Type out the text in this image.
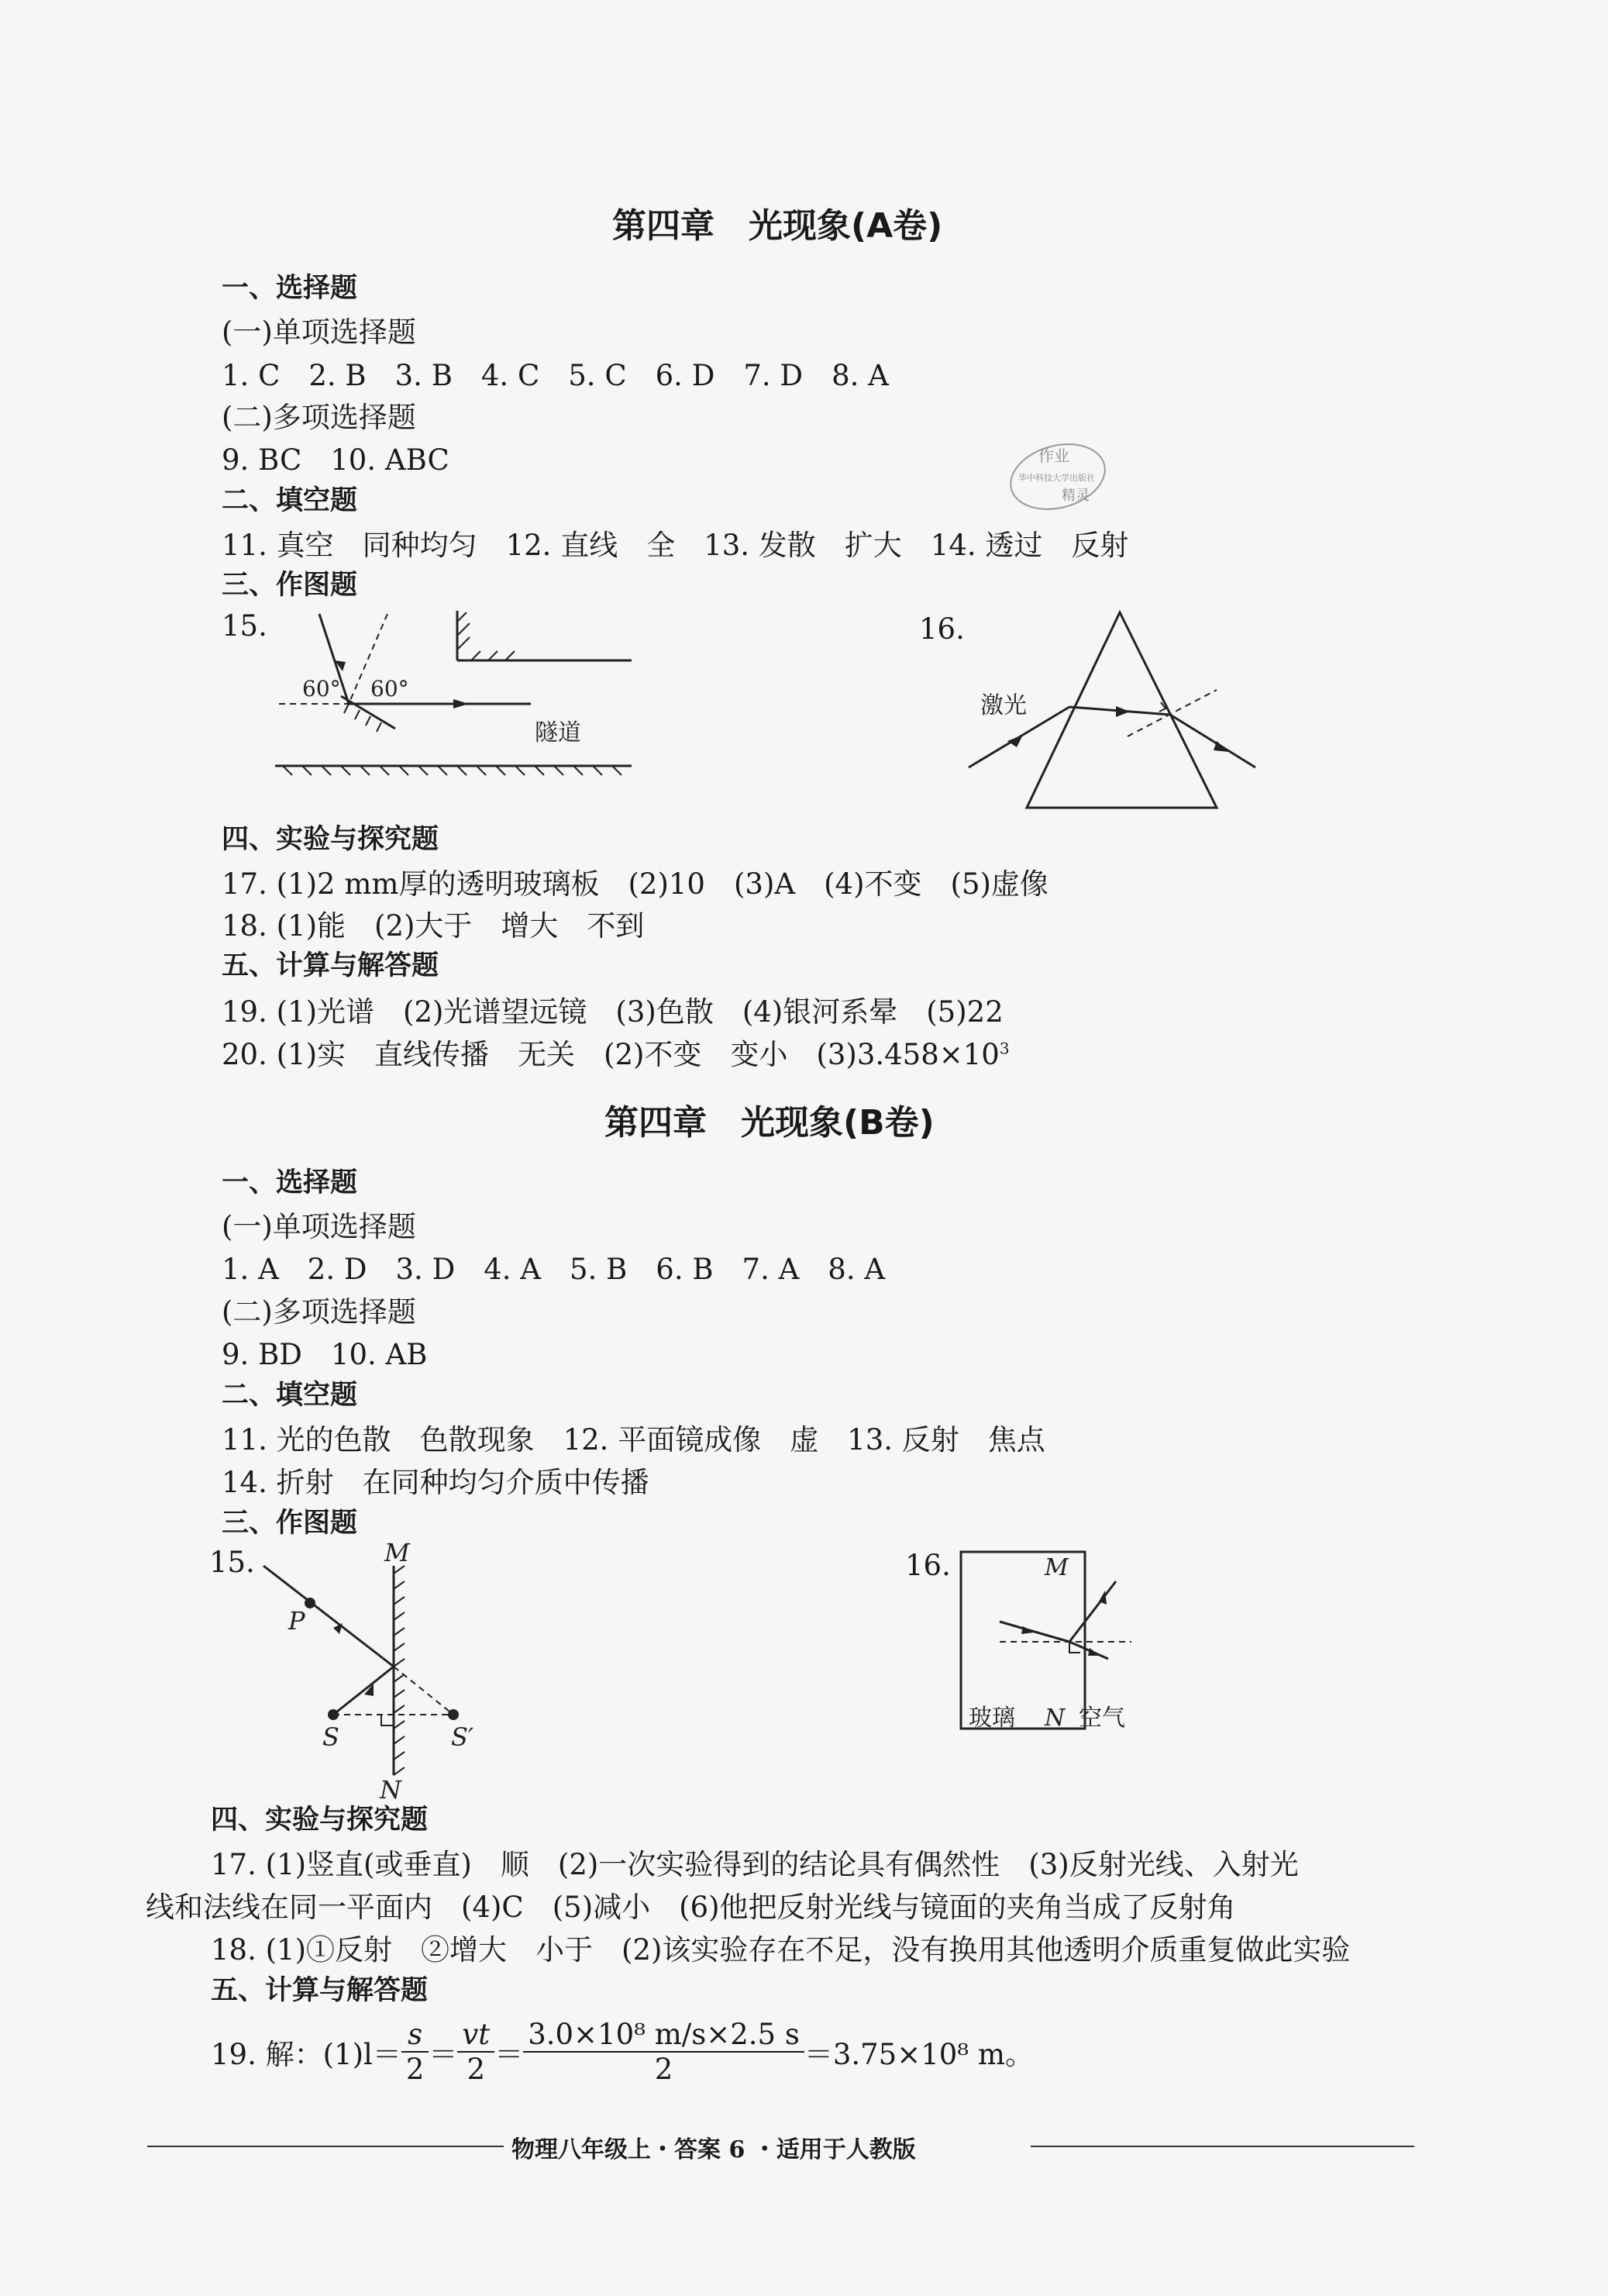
作业
华中科技大学出版社
精灵
第四章　光现象(A卷)
一、选择题
(一)单项选择题
1. C　2. B　3. B　4. C　5. C　6. D　7. D　8. A
(二)多项选择题
9. BC　10. ABC
二、填空题
11. 真空　同种均匀　12. 直线　全　13. 发散　扩大　14. 透过　反射
三、作图题
15.
60° 60°
隧道
16.
激光
四、实验与探究题
17. (1)2 mm厚的透明玻璃板　(2)10　(3)A　(4)不变　(5)虚像
18. (1)能　(2)大于　增大　不到
五、计算与解答题
19. (1)光谱　(2)光谱望远镜　(3)色散　(4)银河系晕　(5)22
20. (1)实　直线传播　无关　(2)不变　变小　$(3)3.458\times 10^3$
第四章　光现象(B卷)
一、选择题
(一)单项选择题
1. A　2. D　3. D　4. A　5. B　6. B　7. A　8. A
(二)多项选择题
9. BD　10. AB
二、填空题
11. 光的色散　色散现象　12. 平面镜成像　虚　13. 反射　焦点
14. 折射　在同种均匀介质中传播
三、作图题
15.	M
N
P
S	S′
16.	M
玻璃 N 空气
四、实验与探究题
17. (1)竖直(或垂直)　顺　(2)一次实验得到的结论具有偶然性　(3)反射光线、入射光
线和法线在同一平面内　(4)C　(5)减小　(6)他把反射光线与镜面的夹角当成了反射角
18. (1)①反射　②增大　小于　(2)该实验存在不足，没有换用其他透明介质重复做此实验
五、计算与解答题
19. 解：$(1)l= \frac{s}{2} = \frac{vt}{2} = \frac{\text{3.0×10⁸ m/s×2.5 s}}{2} =3.75\times 10^8$ m。
物理八年级上・答案 6 ・适用于人教版
